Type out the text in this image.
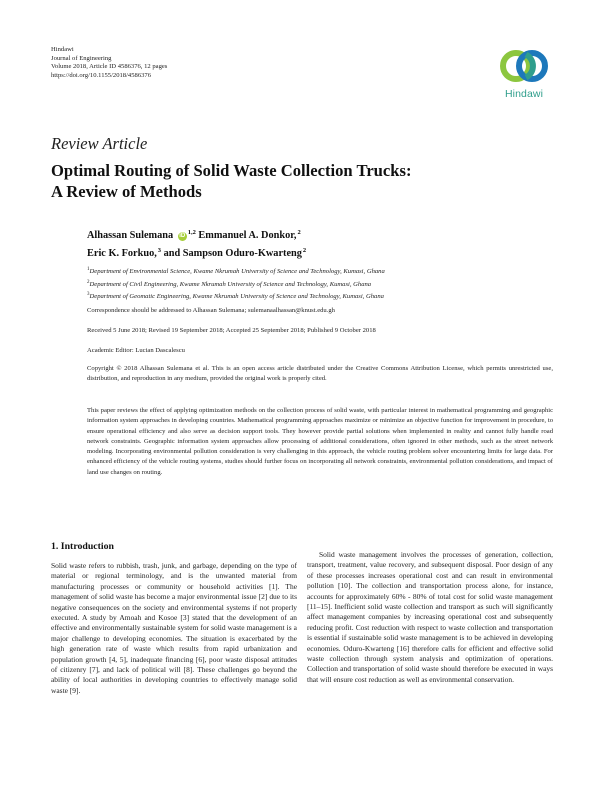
Hindawi
Journal of Engineering
Volume 2018, Article ID 4586376, 12 pages
https://doi.org/10.1155/2018/4586376
Hindawi
Review Article
Optimal Routing of Solid Waste Collection Trucks:
A Review of Methods
Alhassan Sulemana iD $^{1,2}$ Emmanuel A. Donkor,$^2$
Eric K. Forkuo,$^3$ and Sampson Oduro-Kwarteng$^2$
$^1$Department of Environmental Science, Kwame Nkrumah University of Science and Technology, Kumasi, Ghana
$^2$Department of Civil Engineering, Kwame Nkrumah University of Science and Technology, Kumasi, Ghana
$^3$Department of Geomatic Engineering, Kwame Nkrumah University of Science and Technology, Kumasi, Ghana
Correspondence should be addressed to Alhassan Sulemana; sulemanaalhassan@knust.edu.gh
Received 5 June 2018; Revised 19 September 2018; Accepted 25 September 2018; Published 9 October 2018
Academic Editor: Lucian Dascalescu
Copyright © 2018 Alhassan Sulemana et al. This is an open access article distributed under the Creative Commons Attribution License, which permits unrestricted use, distribution, and reproduction in any medium, provided the original work is properly cited.
This paper reviews the effect of applying optimization methods on the collection process of solid waste, with particular interest in mathematical programming and geographic information system approaches in developing countries. Mathematical programming approaches maximize or minimize an objective function for improvement in procedure, to ensure operational efficiency and also serve as decision support tools. They however provide partial solutions when implemented in reality and cannot fully handle road network constraints. Geographic information system approaches allow processing of additional considerations, often ignored in other methods, such as the street network modeling. Incorporating environmental pollution consideration is very challenging in this approach, the vehicle routing problem solver encountering limits for large data. For enhanced efficiency of the vehicle routing systems, studies should further focus on incorporating all network constraints, environmental pollution considerations, and impact of land use changes on routing.
1. Introduction

Solid waste refers to rubbish, trash, junk, and garbage, depending on the type of material or regional terminology, and is the unwanted material from manufacturing processes or community or household activities [1]. The management of solid waste has become a major environmental issue [2] due to its negative consequences on the society and environmental systems if not properly executed. A study by Amoah and Kosoe [3] stated that the development of an effective and environmentally sustainable system for solid waste management is a major challenge to developing economies. The situation is exacerbated by the high generation rate of waste which results from rapid urbanization and population growth [4, 5], inadequate financing [6], poor waste disposal attitudes of citizenry [7], and lack of political will [8]. These challenges go beyond the ability of local authorities in developing countries to effectively manage solid waste [9].

Solid waste management involves the processes of generation, collection, transport, treatment, value recovery, and subsequent disposal. Poor design of any of these processes increases operational cost and can result in environmental pollution [10]. The collection and transportation process alone, for instance, accounts for approximately 60% - 80% of total cost for solid waste management [11–15]. Inefficient solid waste collection and transport as such will significantly affect management companies by increasing operational cost and subsequently reducing profit. Cost reduction with respect to waste collection and transportation is essential if sustainable solid waste management is to be achieved in developing economies. Oduro-Kwarteng [16] therefore calls for efficient and effective solid waste collection through system analysis and optimization of operations. Collection and transportation of solid waste should therefore be executed in ways that will ensure cost reduction as well as environmental conservation.
